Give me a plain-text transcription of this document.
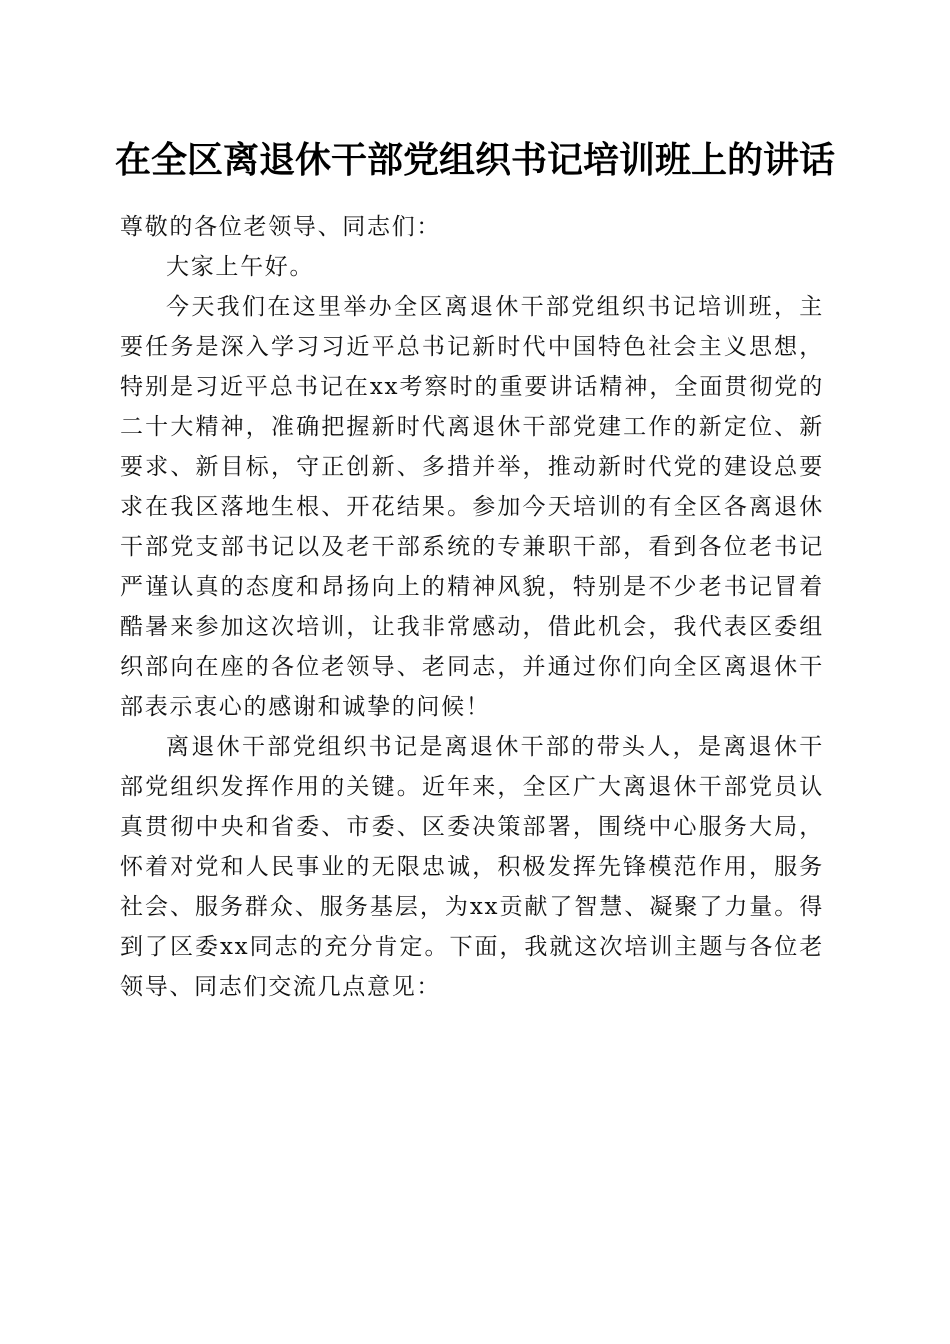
在全区离退休干部党组织书记培训班上的讲话

尊敬的各位老领导、同志们：

大家上午好。

今天我们在这里举办全区离退休干部党组织书记培训班，主要任务是深入学习习近平总书记新时代中国特色社会主义思想，特别是习近平总书记在xx考察时的重要讲话精神，全面贯彻党的二十大精神，准确把握新时代离退休干部党建工作的新定位、新要求、新目标，守正创新、多措并举，推动新时代党的建设总要求在我区落地生根、开花结果。参加今天培训的有全区各离退休干部党支部书记以及老干部系统的专兼职干部，看到各位老书记严谨认真的态度和昂扬向上的精神风貌，特别是不少老书记冒着酷暑来参加这次培训，让我非常感动，借此机会，我代表区委组织部向在座的各位老领导、老同志，并通过你们向全区离退休干部表示衷心的感谢和诚挚的问候！

离退休干部党组织书记是离退休干部的带头人，是离退休干部党组织发挥作用的关键。近年来，全区广大离退休干部党员认真贯彻中央和省委、市委、区委决策部署，围绕中心服务大局，怀着对党和人民事业的无限忠诚，积极发挥先锋模范作用，服务社会、服务群众、服务基层，为xx贡献了智慧、凝聚了力量。得到了区委xx同志的充分肯定。下面，我就这次培训主题与各位老领导、同志们交流几点意见：
